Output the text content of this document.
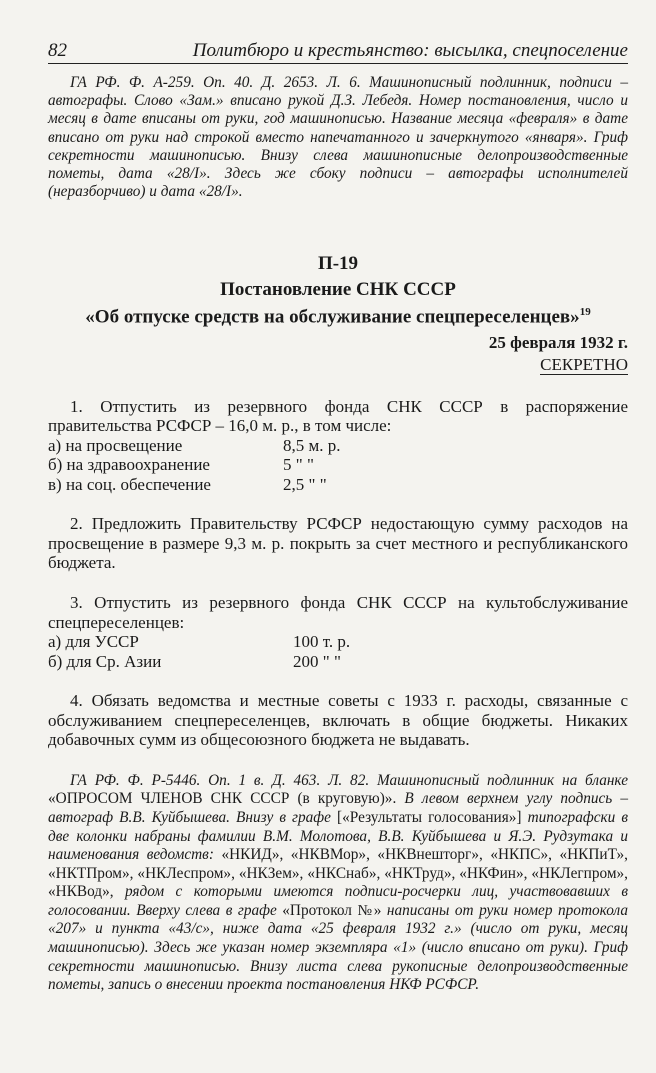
82	Политбюро и крестьянство: высылка, спецпоселение

ГА РФ. Ф. А-259. Оп. 40. Д. 2653. Л. 6. Машинописный подлинник, подписи – автографы. Слово «Зам.» вписано рукой Д.З. Лебедя. Номер постановления, число и месяц в дате вписаны от руки, год машинописью. Название месяца «февраля» в дате вписано от руки над строкой вместо напечатанного и зачеркнутого «января». Гриф секретности машинописью. Внизу слева машинописные делопроизводственные пометы, дата «28/I». Здесь же сбоку подписи – автографы исполнителей (неразборчиво) и дата «28/I».

П-19
Постановление СНК СССР
«Об отпуске средств на обслуживание спецпереселенцев»$^{19}$
25 февраля 1932 г.
СЕКРЕТНО

1. Отпустить из резервного фонда СНК СССР в распоряжение правительства РСФСР – 16,0 м. р., в том числе:

а) на просвещение	8,5 м. р.
б) на здравоохранение	5 " "
в) на соц. обеспечение	2,5 " "

2. Предложить Правительству РСФСР недостающую сумму расходов на просвещение в размере 9,3 м. р. покрыть за счет местного и республиканского бюджета.

3. Отпустить из резервного фонда СНК СССР на культобслуживание спецпереселенцев:

а) для УССР	100 т. р.
б) для Ср. Азии	200 " "

4. Обязать ведомства и местные советы с 1933 г. расходы, связанные с обслуживанием спецпереселенцев, включать в общие бюджеты. Никаких добавочных сумм из общесоюзного бюджета не выдавать.

ГА РФ. Ф. Р-5446. Оп. 1 в. Д. 463. Л. 82. Машинописный подлинник на бланке «ОПРОСОМ ЧЛЕНОВ СНК СССР (в круговую)». В левом верхнем углу подпись – автограф В.В. Куйбышева. Внизу в графе [«Результаты голосования»] типографски в две колонки набраны фамилии В.М. Молотова, В.В. Куйбышева и Я.Э. Рудзутака и наименования ведомств: «НКИД», «НКВМор», «НКВнешторг», «НКПС», «НКПиТ», «НКТПром», «НКЛеспром», «НКЗем», «НКСнаб», «НКТруд», «НКФин», «НКЛегпром», «НКВод», рядом с которыми имеются подписи-росчерки лиц, участвовавших в голосовании. Вверху слева в графе «Протокол №» написаны от руки номер протокола «207» и пункта «43/с», ниже дата «25 февраля 1932 г.» (число от руки, месяц машинописью). Здесь же указан номер экземпляра «1» (число вписано от руки). Гриф секретности машинописью. Внизу листа слева рукописные делопроизводственные пометы, запись о внесении проекта постановления НКФ РСФСР.
